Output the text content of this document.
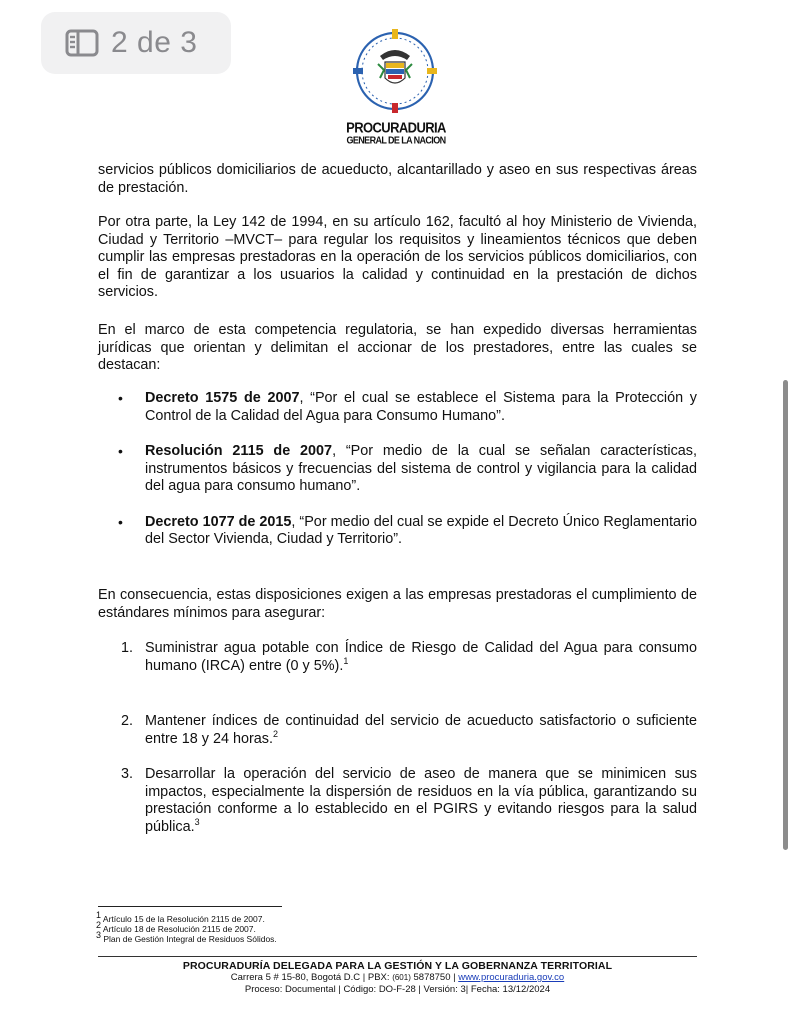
2 de 3
PROCURADURIA
GENERAL DE LA NACION

servicios públicos domiciliarios de acueducto, alcantarillado y aseo en sus respectivas áreas de prestación.

Por otra parte, la Ley 142 de 1994, en su artículo 162, facultó al hoy Ministerio de Vivienda, Ciudad y Territorio –MVCT– para regular los requisitos y lineamientos técnicos que deben cumplir las empresas prestadoras en la operación de los servicios públicos domiciliarios, con el fin de garantizar a los usuarios la calidad y continuidad en la prestación de dichos servicios.

En el marco de esta competencia regulatoria, se han expedido diversas herramientas jurídicas que orientan y delimitan el accionar de los prestadores, entre las cuales se destacan:

• Decreto 1575 de 2007, “Por el cual se establece el Sistema para la Protección y Control de la Calidad del Agua para Consumo Humano”.
• Resolución 2115 de 2007, “Por medio de la cual se señalan características, instrumentos básicos y frecuencias del sistema de control y vigilancia para la calidad del agua para consumo humano”.
• Decreto 1077 de 2015, “Por medio del cual se expide el Decreto Único Reglamentario del Sector Vivienda, Ciudad y Territorio”.

En consecuencia, estas disposiciones exigen a las empresas prestadoras el cumplimiento de estándares mínimos para asegurar:

1. Suministrar agua potable con Índice de Riesgo de Calidad del Agua para consumo humano (IRCA) entre (0 y 5%).$^1$
2. Mantener índices de continuidad del servicio de acueducto satisfactorio o suficiente entre 18 y 24 horas.$^2$
3. Desarrollar la operación del servicio de aseo de manera que se minimicen sus impactos, especialmente la dispersión de residuos en la vía pública, garantizando su prestación conforme a lo establecido en el PGIRS y evitando riesgos para la salud pública.$^3$
$^1$ Artículo 15 de la Resolución 2115 de 2007.
$^2$ Artículo 18 de Resolución 2115 de 2007.
$^3$ Plan de Gestión Integral de Residuos Sólidos.
PROCURADURÍA DELEGADA PARA LA GESTIÓN Y LA GOBERNANZA TERRITORIAL
Carrera 5 # 15-80, Bogotá D.C | PBX: (601) 5878750 | www.procuraduria.gov.co
Proceso: Documental | Código: DO-F-28 | Versión: 3| Fecha: 13/12/2024
